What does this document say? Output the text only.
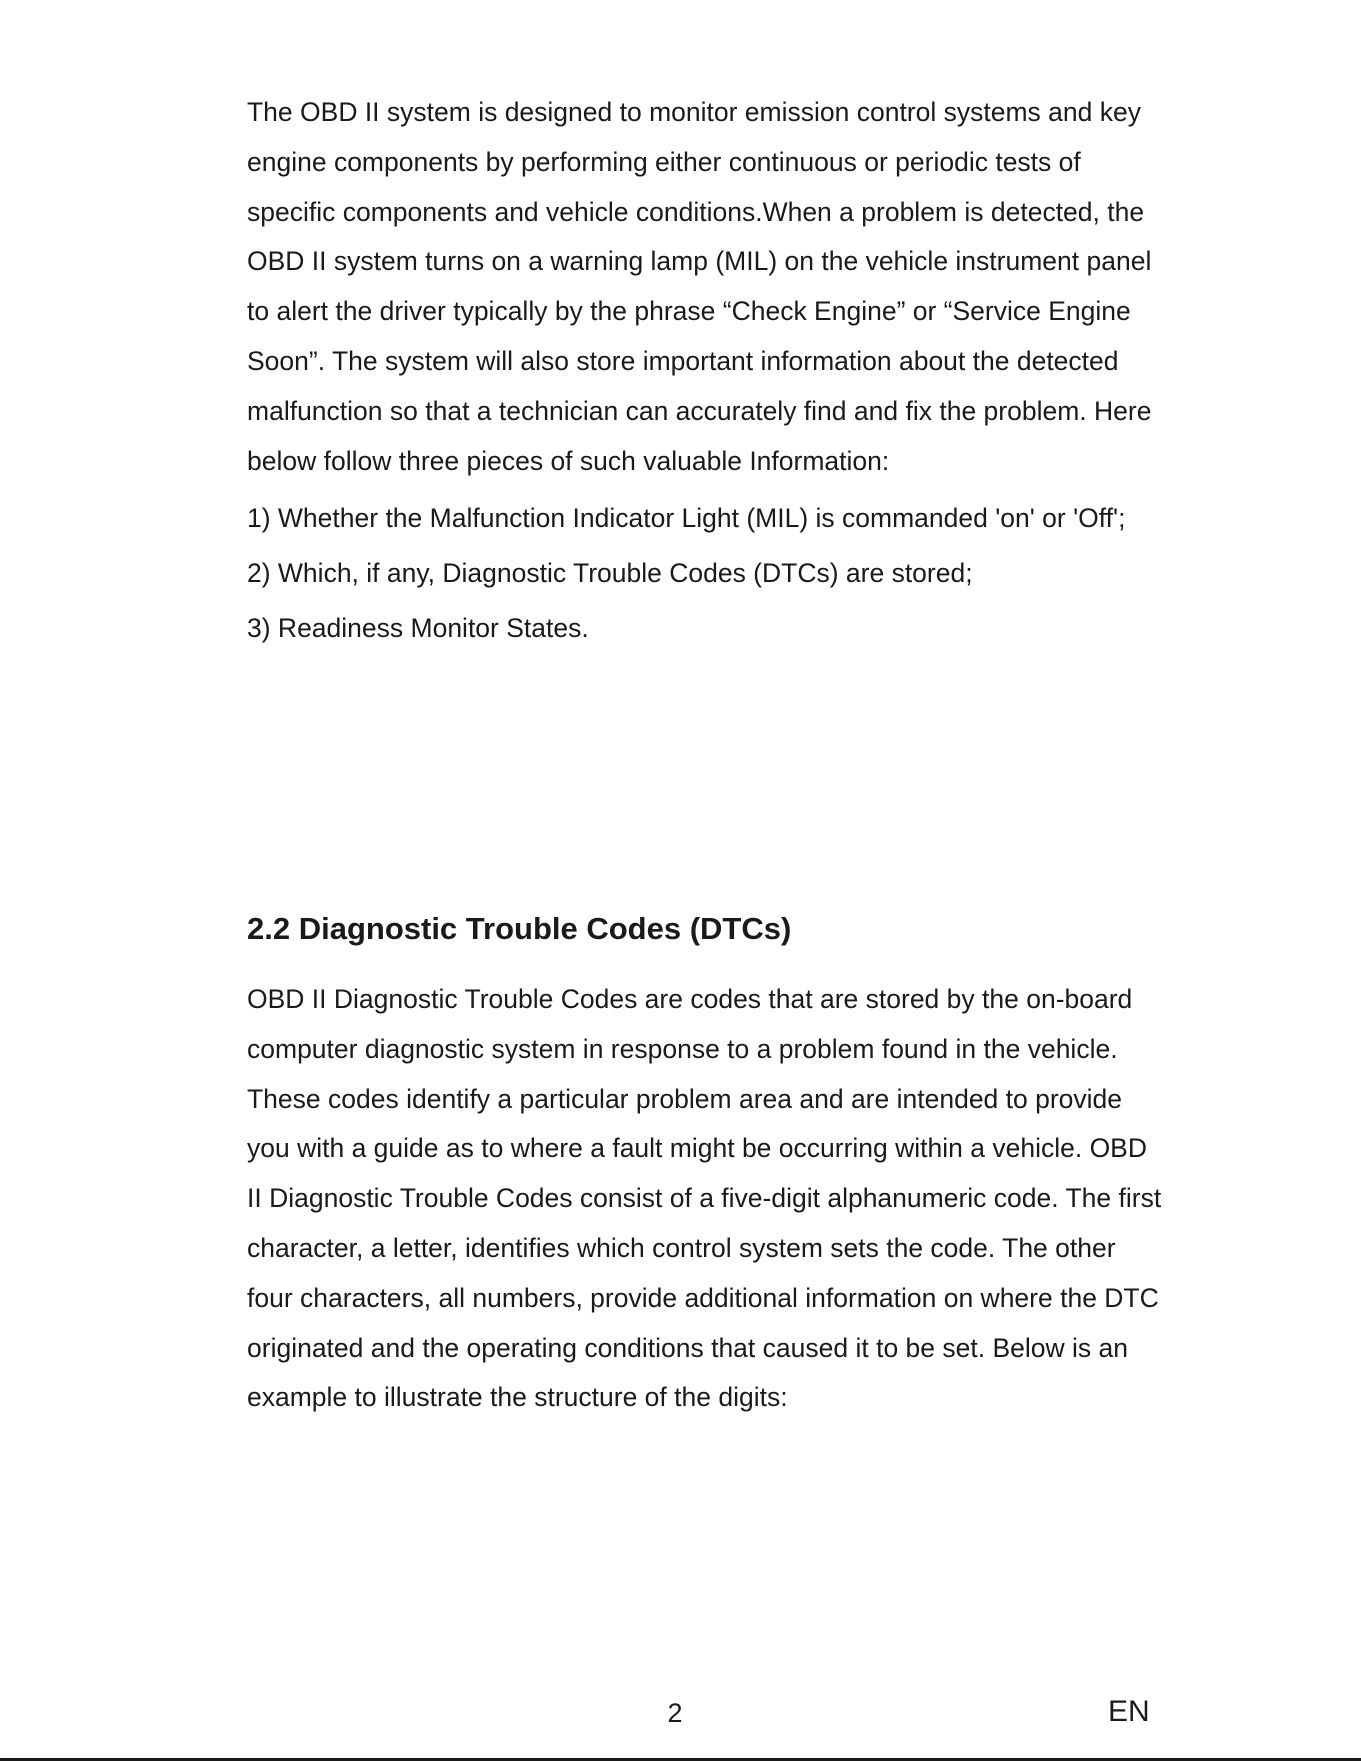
The OBD II system is designed to monitor emission control systems and key engine components by performing either continuous or periodic tests of specific components and vehicle conditions.When a problem is detected, the OBD II system turns on a warning lamp (MIL) on the vehicle instrument panel to alert the driver typically by the phrase “Check Engine” or “Service Engine Soon”. The system will also store important information about the detected malfunction so that a technician can accurately find and fix the problem. Here below follow three pieces of such valuable Information:

1) Whether the Malfunction Indicator Light (MIL) is commanded 'on' or 'Off';
2) Which, if any, Diagnostic Trouble Codes (DTCs) are stored;
3) Readiness Monitor States.
2.2 Diagnostic Trouble Codes (DTCs)

OBD II Diagnostic Trouble Codes are codes that are stored by the on-board computer diagnostic system in response to a problem found in the vehicle. These codes identify a particular problem area and are intended to provide you with a guide as to where a fault might be occurring within a vehicle. OBD II Diagnostic Trouble Codes consist of a five-digit alphanumeric code. The first character, a letter, identifies which control system sets the code. The other four characters, all numbers, provide additional information on where the DTC originated and the operating conditions that caused it to be set. Below is an example to illustrate the structure of the digits:

2	EN
